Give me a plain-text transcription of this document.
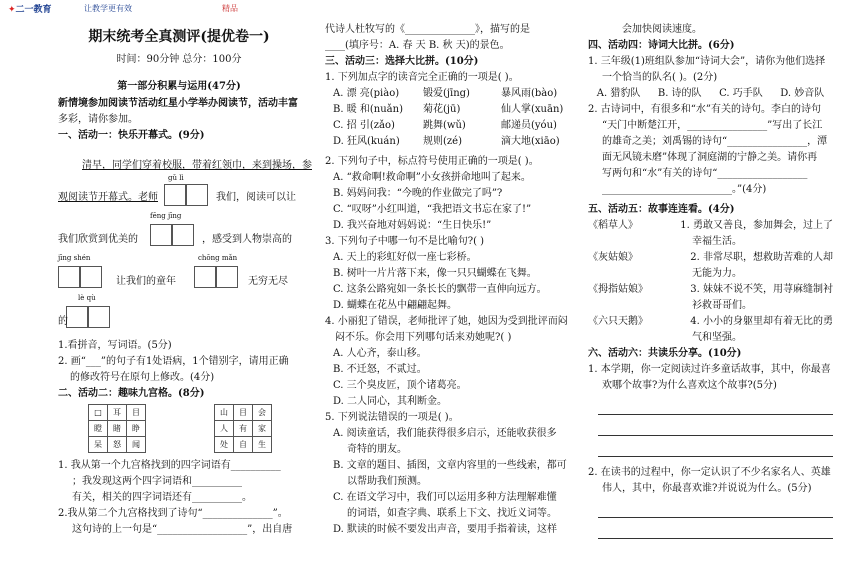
✦二一教育	让教学更有效	精品
期末统考全真测评(提优卷一)
时间：90分钟 总分：100分
第一部分积累与运用(47分)

新情境参加阅读节活动红星小学举办阅读节，活动丰富

多彩，请你参加。

一、活动一：快乐开幕式。(9分)

清早，同学们穿着校服，带着红领巾，来到操场，参

gǔ lì
观阅读节开幕式。老师	我们，阅读可以让
fēng jīng
我们欣赏到优美的	，感受到人物崇高的
jīng shén	chōng mǎn
让我们的童年	无穷无尽
lè qù
的

1.看拼音，写词语。(5分)

2. 画“___”的句子有1处语病，1个错别字，请用正确

的修改符号在原句上修改。(4分)

二、活动二：趣味九宫格。(8分)

□	耳	目
瞪	睹	睁
呆	怒	闻
山	目	会
人	有	家
处	自	生

1. 我从第一个九宫格找到的四字词语有__________

；我发现这两个四字词语和__________

有关，相关的四字词语还有__________。

2.我从第二个九宫格找到了诗句“______________”。

这句诗的上一句是“__________________”，出自唐

代诗人杜牧写的《______________》，描写的是

____(填序号：A. 春 天 B. 秋 天)的景色。

三、活动三：选择大比拼。(10分)

1. 下列加点字的读音完全正确的一项是( )。

A. 漂 亮(piào)	锻爱(jīng)	暴风雨(bào)
B. 暖 和(nuǎn)	菊花(jū)	仙人掌(xuān)
C. 招 引(zǎo)	跳舞(wǔ)	邮递员(yóu)
D. 狂风(kuán)	规则(zé)	滴大地(xiāo)

2. 下列句子中，标点符号使用正确的一项是( )。

A. “救命啊!救命啊”小女孩拼命地叫了起来。

B. 妈妈问我：“今晚的作业做完了吗”?

C. “叹呀”小红叫道，“我把语文书忘在家了!”

D. 我兴奋地对妈妈说：“生日快乐!”

3. 下列句子中哪一句不是比喻句?( )

A. 天上的彩虹好似一座七彩桥。

B. 树叶一片片落下来，像一只只蝴蝶在飞舞。

C. 这条公路宛如一条长长的飘带一直伸向远方。

D. 蝴蝶在花丛中翩翩起舞。

4. 小丽犯了错误，老师批评了她，她因为受到批评而闷

闷不乐。你会用下列哪句话来劝她呢?( )

A. 人心齐，泰山移。

B. 不迁怒，不贰过。

C. 三个臭皮匠，顶个诸葛亮。

D. 二人同心，其利断金。

5. 下列说法错误的一项是( )。

A. 阅读童话，我们能获得很多启示，还能收获很多

奇特的朋友。

B. 文章的题目、插图，文章内容里的一些线索，都可

以帮助我们预测。

C. 在语文学习中，我们可以运用多种方法理解难懂

的词语，如查字典、联系上下文、找近义词等。

D. 默读的时候不要发出声音，要用手指着读，这样

会加快阅读速度。

四、活动四：诗词大比拼。(6分)

1. 三年级(1)班组队参加“诗词大会”，请你为他们选择

一个恰当的队名( )。(2分)

A. 猎豹队 B. 诗的队 C. 巧手队 D. 妙音队

2. 古诗词中，有很多和“水”有关的诗句。李白的诗句

“天门中断楚江开，________________”写出了长江

的雄奇之美；刘禹锡的诗句“________________，潭

面无风镜未磨”体现了洞庭湖的宁静之美。请你再

写两句和“水”有关的诗句“__________________

__________________________。”(4分)

五、活动五：故事连连看。(4分)

《稻草人》	1. 勇敢又善良，参加舞会，过上了
幸福生活。
《灰姑娘》	2. 非常尽职，想救助苦难的人却
无能为力。
《拇指姑娘》	3. 妹妹不说不笑，用荨麻缝制衬
衫救哥哥们。
《六只天鹅》	4. 小小的身躯里却有着无比的勇
气和坚强。

六、活动六：共读乐分享。(10分)

1. 本学期，你一定阅读过许多童话故事，其中，你最喜

欢哪个故事?为什么喜欢这个故事?(5分)

2. 在读书的过程中，你一定认识了不少名家名人、英雄

伟人，其中，你最喜欢谁?并说说为什么。(5分)
